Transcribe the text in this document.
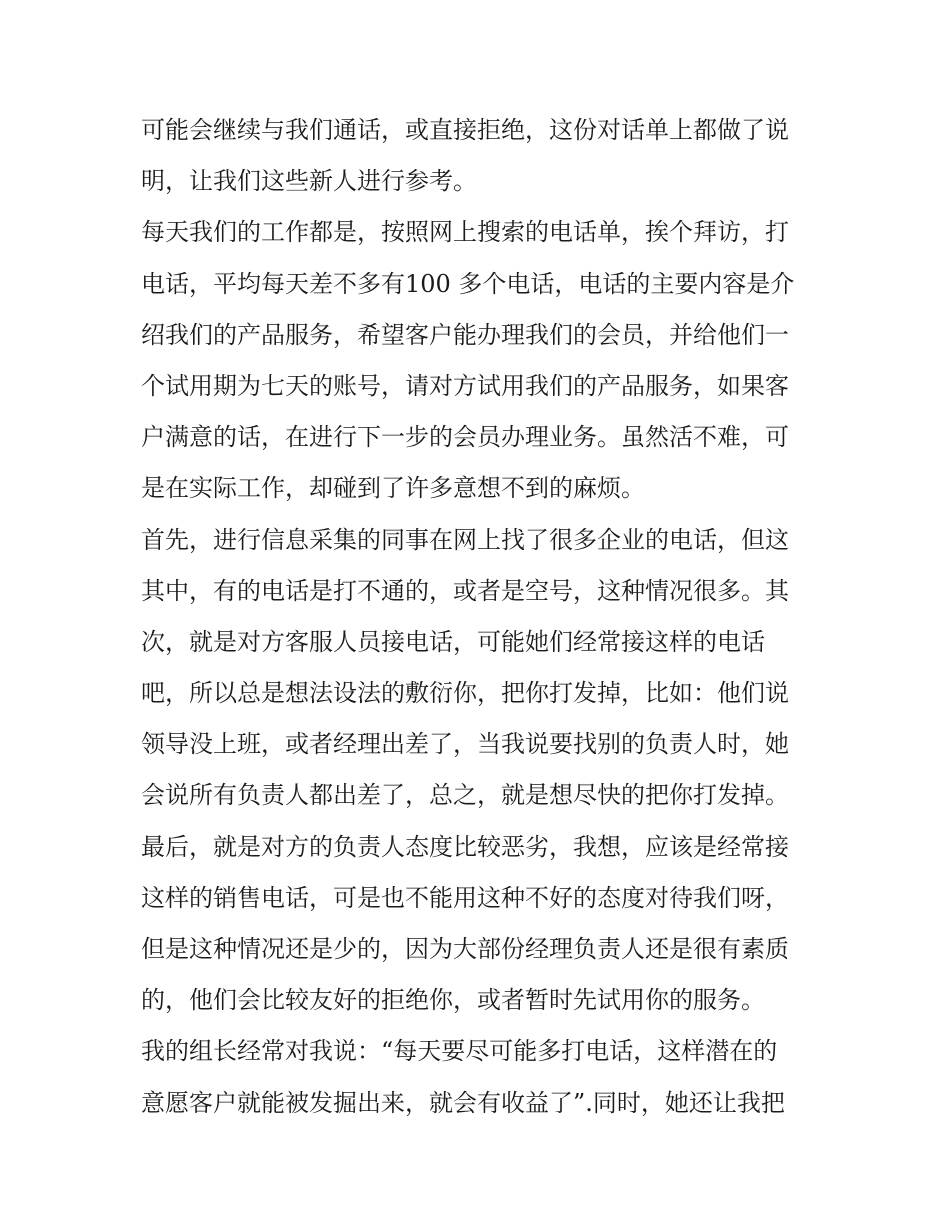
可能会继续与我们通话，或直接拒绝，这份对话单上都做了说
明，让我们这些新人进行参考。
每天我们的工作都是，按照网上搜索的电话单，挨个拜访，打
电话，平均每天差不多有100 多个电话，电话的主要内容是介
绍我们的产品服务，希望客户能办理我们的会员，并给他们一
个试用期为七天的账号，请对方试用我们的产品服务，如果客
户满意的话，在进行下一步的会员办理业务。虽然活不难，可
是在实际工作，却碰到了许多意想不到的麻烦。
首先，进行信息采集的同事在网上找了很多企业的电话，但这
其中，有的电话是打不通的，或者是空号，这种情况很多。其
次，就是对方客服人员接电话，可能她们经常接这样的电话
吧，所以总是想法设法的敷衍你，把你打发掉，比如：他们说
领导没上班，或者经理出差了，当我说要找别的负责人时，她
会说所有负责人都出差了，总之，就是想尽快的把你打发掉。
最后，就是对方的负责人态度比较恶劣，我想，应该是经常接
这样的销售电话，可是也不能用这种不好的态度对待我们呀，
但是这种情况还是少的，因为大部份经理负责人还是很有素质
的，他们会比较友好的拒绝你，或者暂时先试用你的服务。
我的组长经常对我说：“每天要尽可能多打电话，这样潜在的
意愿客户就能被发掘出来，就会有收益了”.同时，她还让我把
